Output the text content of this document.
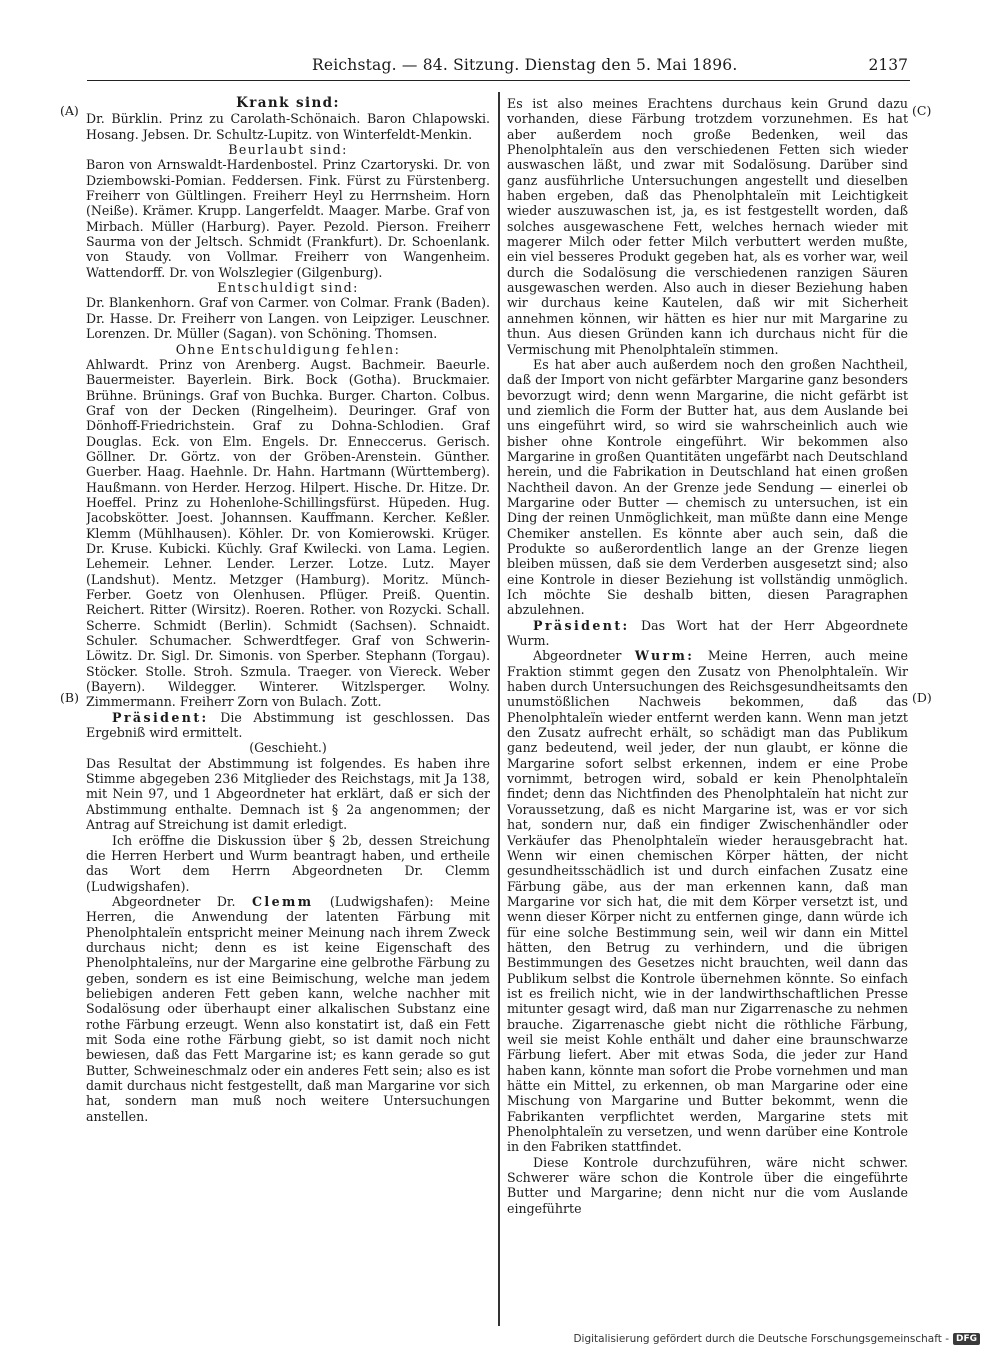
Reichstag. — 84. Sitzung. Dienstag den 5. Mai 1896.	2137
(A)
(B)
(C)
(D)

Krank sind:

Dr. Bürklin. Prinz zu Carolath-Schönaich. Baron Chlapowski. Hosang. Jebsen. Dr. Schultz-Lupitz. von Winterfeldt-Menkin.

Beurlaubt sind:

Baron von Arnswaldt-Hardenbostel. Prinz Czartoryski. Dr. von Dziembowski-Pomian. Feddersen. Fink. Fürst zu Fürstenberg. Freiherr von Gültlingen. Freiherr Heyl zu Herrnsheim. Horn (Neiße). Krämer. Krupp. Langerfeldt. Maager. Marbe. Graf von Mirbach. Müller (Harburg). Payer. Pezold. Pierson. Freiherr Saurma von der Jeltsch. Schmidt (Frankfurt). Dr. Schoenlank. von Staudy. von Vollmar. Freiherr von Wangenheim. Wattendorff. Dr. von Wolszlegier (Gilgenburg).

Entschuldigt sind:

Dr. Blankenhorn. Graf von Carmer. von Colmar. Frank (Baden). Dr. Hasse. Dr. Freiherr von Langen. von Leipziger. Leuschner. Lorenzen. Dr. Müller (Sagan). von Schöning. Thomsen.

Ohne Entschuldigung fehlen:

Ahlwardt. Prinz von Arenberg. Augst. Bachmeir. Baeurle. Bauermeister. Bayerlein. Birk. Bock (Gotha). Bruckmaier. Brühne. Brünings. Graf von Buchka. Burger. Charton. Colbus. Graf von der Decken (Ringelheim). Deuringer. Graf von Dönhoff-Friedrichstein. Graf zu Dohna-Schlodien. Graf Douglas. Eck. von Elm. Engels. Dr. Enneccerus. Gerisch. Göllner. Dr. Görtz. von der Gröben-Arenstein. Günther. Guerber. Haag. Haehnle. Dr. Hahn. Hartmann (Württemberg). Haußmann. von Herder. Herzog. Hilpert. Hische. Dr. Hitze. Dr. Hoeffel. Prinz zu Hohenlohe-Schillingsfürst. Hüpeden. Hug. Jacobskötter. Joest. Johannsen. Kauffmann. Kercher. Keßler. Klemm (Mühlhausen). Köhler. Dr. von Komierowski. Krüger. Dr. Kruse. Kubicki. Küchly. Graf Kwilecki. von Lama. Legien. Lehemeir. Lehner. Lender. Lerzer. Lotze. Lutz. Mayer (Landshut). Mentz. Metzger (Hamburg). Moritz. Münch-Ferber. Goetz von Olenhusen. Pflüger. Preiß. Quentin. Reichert. Ritter (Wirsitz). Roeren. Rother. von Rozycki. Schall. Scherre. Schmidt (Berlin). Schmidt (Sachsen). Schnaidt. Schuler. Schumacher. Schwerdtfeger. Graf von Schwerin-Löwitz. Dr. Sigl. Dr. Simonis. von Sperber. Stephann (Torgau). Stöcker. Stolle. Stroh. Szmula. Traeger. von Viereck. Weber (Bayern). Wildegger. Winterer. Witzlsperger. Wolny. Zimmermann. Freiherr Zorn von Bulach. Zott.

Präsident: Die Abstimmung ist geschlossen. Das Ergebniß wird ermittelt.

(Geschieht.)

Das Resultat der Abstimmung ist folgendes. Es haben ihre Stimme abgegeben 236 Mitglieder des Reichstags, mit Ja 138, mit Nein 97, und 1 Abgeordneter hat erklärt, daß er sich der Abstimmung enthalte. Demnach ist § 2a angenommen; der Antrag auf Streichung ist damit erledigt.

Ich eröffne die Diskussion über § 2b, dessen Streichung die Herren Herbert und Wurm beantragt haben, und ertheile das Wort dem Herrn Abgeordneten Dr. Clemm (Ludwigshafen).

Abgeordneter Dr. Clemm (Ludwigshafen): Meine Herren, die Anwendung der latenten Färbung mit Phenolphtaleïn entspricht meiner Meinung nach ihrem Zweck durchaus nicht; denn es ist keine Eigenschaft des Phenolphtaleïns, nur der Margarine eine gelbrothe Färbung zu geben, sondern es ist eine Beimischung, welche man jedem beliebigen anderen Fett geben kann, welche nachher mit Sodalösung oder überhaupt einer alkalischen Substanz eine rothe Färbung erzeugt. Wenn also konstatirt ist, daß ein Fett mit Soda eine rothe Färbung giebt, so ist damit noch nicht bewiesen, daß das Fett Margarine ist; es kann gerade so gut Butter, Schweineschmalz oder ein anderes Fett sein; also es ist damit durchaus nicht festgestellt, daß man Margarine vor sich hat, sondern man muß noch weitere Untersuchungen anstellen.

Es ist also meines Erachtens durchaus kein Grund dazu vorhanden, diese Färbung trotzdem vorzunehmen. Es hat aber außerdem noch große Bedenken, weil das Phenolphtaleïn aus den verschiedenen Fetten sich wieder auswaschen läßt, und zwar mit Sodalösung. Darüber sind ganz ausführliche Untersuchungen angestellt und dieselben haben ergeben, daß das Phenolphtaleïn mit Leichtigkeit wieder auszuwaschen ist, ja, es ist festgestellt worden, daß solches ausgewaschene Fett, welches hernach wieder mit magerer Milch oder fetter Milch verbuttert werden mußte, ein viel besseres Produkt gegeben hat, als es vorher war, weil durch die Sodalösung die verschiedenen ranzigen Säuren ausgewaschen werden. Also auch in dieser Beziehung haben wir durchaus keine Kautelen, daß wir mit Sicherheit annehmen können, wir hätten es hier nur mit Margarine zu thun. Aus diesen Gründen kann ich durchaus nicht für die Vermischung mit Phenolphtaleïn stimmen.

Es hat aber auch außerdem noch den großen Nachtheil, daß der Import von nicht gefärbter Margarine ganz besonders bevorzugt wird; denn wenn Margarine, die nicht gefärbt ist und ziemlich die Form der Butter hat, aus dem Auslande bei uns eingeführt wird, so wird sie wahrscheinlich auch wie bisher ohne Kontrole eingeführt. Wir bekommen also Margarine in großen Quantitäten ungefärbt nach Deutschland herein, und die Fabrikation in Deutschland hat einen großen Nachtheil davon. An der Grenze jede Sendung — einerlei ob Margarine oder Butter — chemisch zu untersuchen, ist ein Ding der reinen Unmöglichkeit, man müßte dann eine Menge Chemiker anstellen. Es könnte aber auch sein, daß die Produkte so außerordentlich lange an der Grenze liegen bleiben müssen, daß sie dem Verderben ausgesetzt sind; also eine Kontrole in dieser Beziehung ist vollständig unmöglich. Ich möchte Sie deshalb bitten, diesen Paragraphen abzulehnen.

Präsident: Das Wort hat der Herr Abgeordnete Wurm.

Abgeordneter Wurm: Meine Herren, auch meine Fraktion stimmt gegen den Zusatz von Phenolphtaleïn. Wir haben durch Untersuchungen des Reichsgesundheitsamts den unumstößlichen Nachweis bekommen, daß das Phenolphtaleïn wieder entfernt werden kann. Wenn man jetzt den Zusatz aufrecht erhält, so schädigt man das Publikum ganz bedeutend, weil jeder, der nun glaubt, er könne die Margarine sofort selbst erkennen, indem er eine Probe vornimmt, betrogen wird, sobald er kein Phenolphtaleïn findet; denn das Nichtfinden des Phenolphtaleïn hat nicht zur Voraussetzung, daß es nicht Margarine ist, was er vor sich hat, sondern nur, daß ein findiger Zwischenhändler oder Verkäufer das Phenolphtaleïn wieder herausgebracht hat. Wenn wir einen chemischen Körper hätten, der nicht gesundheitsschädlich ist und durch einfachen Zusatz eine Färbung gäbe, aus der man erkennen kann, daß man Margarine vor sich hat, die mit dem Körper versetzt ist, und wenn dieser Körper nicht zu entfernen ginge, dann würde ich für eine solche Bestimmung sein, weil wir dann ein Mittel hätten, den Betrug zu verhindern, und die übrigen Bestimmungen des Gesetzes nicht brauchten, weil dann das Publikum selbst die Kontrole übernehmen könnte. So einfach ist es freilich nicht, wie in der landwirthschaftlichen Presse mitunter gesagt wird, daß man nur Zigarrenasche zu nehmen brauche. Zigarrenasche giebt nicht die röthliche Färbung, weil sie meist Kohle enthält und daher eine braunschwarze Färbung liefert. Aber mit etwas Soda, die jeder zur Hand haben kann, könnte man sofort die Probe vornehmen und man hätte ein Mittel, zu erkennen, ob man Margarine oder eine Mischung von Margarine und Butter bekommt, wenn die Fabrikanten verpflichtet werden, Margarine stets mit Phenolphtaleïn zu versetzen, und wenn darüber eine Kontrole in den Fabriken stattfindet.

Diese Kontrole durchzuführen, wäre nicht schwer. Schwerer wäre schon die Kontrole über die eingeführte Butter und Margarine; denn nicht nur die vom Auslande eingeführte

Digitalisierung gefördert durch die Deutsche Forschungsgemeinschaft - DFG
